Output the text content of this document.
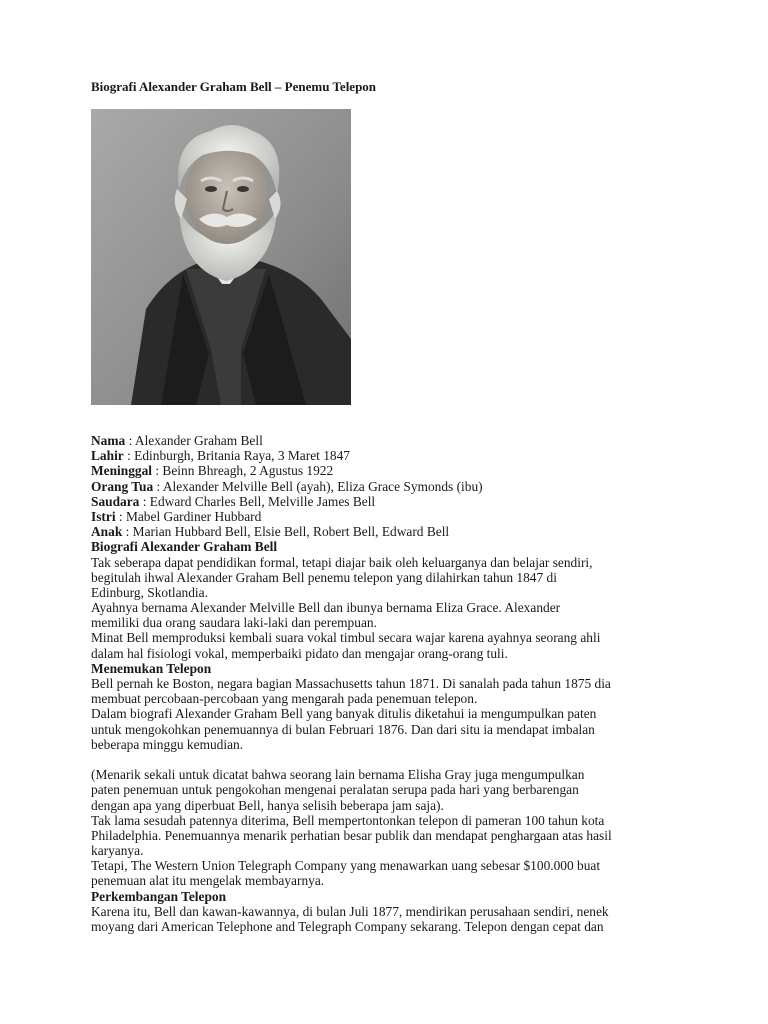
Biografi Alexander Graham Bell – Penemu Telepon
Nama : Alexander Graham Bell
Lahir : Edinburgh, Britania Raya, 3 Maret 1847
Meninggal : Beinn Bhreagh, 2 Agustus 1922
Orang Tua : Alexander Melville Bell (ayah), Eliza Grace Symonds (ibu)
Saudara : Edward Charles Bell, Melville James Bell
Istri : Mabel Gardiner Hubbard
Anak : Marian Hubbard Bell, Elsie Bell, Robert Bell, Edward Bell
Biografi Alexander Graham Bell
Tak seberapa dapat pendidikan formal, tetapi diajar baik oleh keluarganya dan belajar sendiri,
begitulah ihwal Alexander Graham Bell penemu telepon yang dilahirkan tahun 1847 di
Edinburg, Skotlandia.
Ayahnya bernama Alexander Melville Bell dan ibunya bernama Eliza Grace. Alexander
memiliki dua orang saudara laki-laki dan perempuan.
Minat Bell memproduksi kembali suara vokal timbul secara wajar karena ayahnya seorang ahli
dalam hal fisiologi vokal, memperbaiki pidato dan mengajar orang-orang tuli.
Menemukan Telepon
Bell pernah ke Boston, negara bagian Massachusetts tahun 1871. Di sanalah pada tahun 1875 dia
membuat percobaan-percobaan yang mengarah pada penemuan telepon.
Dalam biografi Alexander Graham Bell yang banyak ditulis diketahui ia mengumpulkan paten
untuk mengokohkan penemuannya di bulan Februari 1876. Dan dari situ ia mendapat imbalan
beberapa minggu kemudian.
(Menarik sekali untuk dicatat bahwa seorang lain bernama Elisha Gray juga mengumpulkan
paten penemuan untuk pengokohan mengenai peralatan serupa pada hari yang berbarengan
dengan apa yang diperbuat Bell, hanya selisih beberapa jam saja).
Tak lama sesudah patennya diterima, Bell mempertontonkan telepon di pameran 100 tahun kota
Philadelphia. Penemuannya menarik perhatian besar publik dan mendapat penghargaan atas hasil
karyanya.
Tetapi, The Western Union Telegraph Company yang menawarkan uang sebesar $100.000 buat
penemuan alat itu mengelak membayarnya.
Perkembangan Telepon
Karena itu, Bell dan kawan-kawannya, di bulan Juli 1877, mendirikan perusahaan sendiri, nenek
moyang dari American Telephone and Telegraph Company sekarang. Telepon dengan cepat dan
